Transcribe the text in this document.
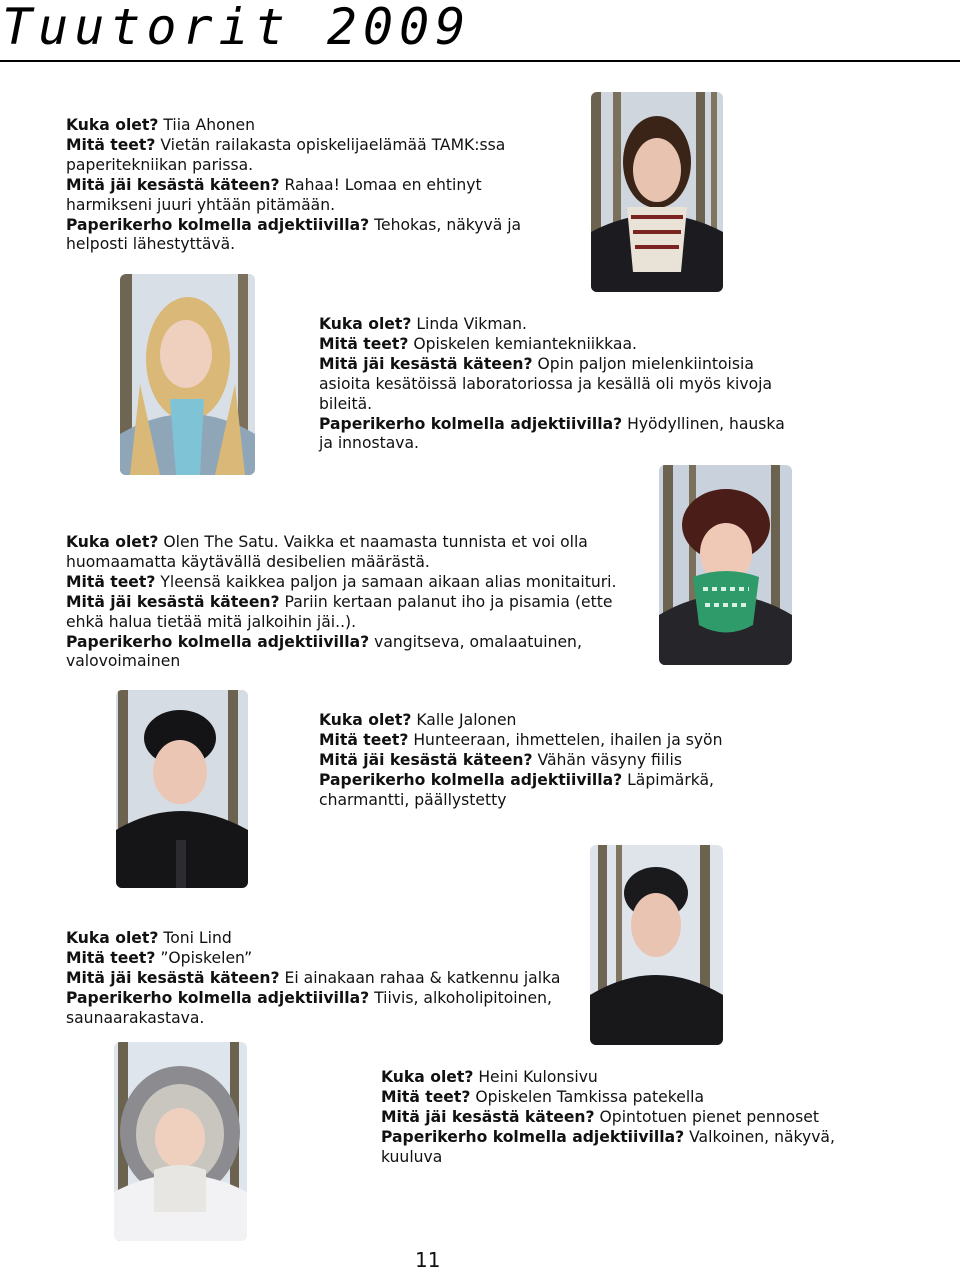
Tuutorit 2009

Kuka olet? Tiia Ahonen

Mitä teet? Vietän railakasta opiskelijaelämää TAMK:ssa paperitekniikan parissa.

Mitä jäi kesästä käteen? Rahaa! Lomaa en ehtinyt harmikseni juuri yhtään pitämään.

Paperikerho kolmella adjektiivilla? Tehokas, näkyvä ja helposti lähestyttävä.

Kuka olet? Linda Vikman.

Mitä teet? Opiskelen kemiantekniikkaa.

Mitä jäi kesästä käteen? Opin paljon mielenkiintoisia asioita kesätöissä laboratoriossa ja kesällä oli myös kivoja bileitä.

Paperikerho kolmella adjektiivilla? Hyödyllinen, hauska ja innostava.

Kuka olet? Olen The Satu. Vaikka et naamasta tunnista et voi olla huomaamatta käytävällä desibelien määrästä.

Mitä teet? Yleensä kaikkea paljon ja samaan aikaan alias monitaituri.

Mitä jäi kesästä käteen? Pariin kertaan palanut iho ja pisamia (ette ehkä halua tietää mitä jalkoihin jäi..).

Paperikerho kolmella adjektiivilla? vangitseva, omalaatuinen, valovoimainen

Kuka olet? Kalle Jalonen

Mitä teet? Hunteeraan, ihmettelen, ihailen ja syön

Mitä jäi kesästä käteen? Vähän väsyny fiilis

Paperikerho kolmella adjektiivilla? Läpimärkä, charmantti, päällystetty

Kuka olet? Toni Lind

Mitä teet? ”Opiskelen”

Mitä jäi kesästä käteen? Ei ainakaan rahaa & katkennu jalka

Paperikerho kolmella adjektiivilla? Tiivis, alkoholipitoinen, saunaarakastava.

Kuka olet? Heini Kulonsivu

Mitä teet? Opiskelen Tamkissa patekella

Mitä jäi kesästä käteen? Opintotuen pienet pennoset

Paperikerho kolmella adjektiivilla? Valkoinen, näkyvä, kuuluva

11
